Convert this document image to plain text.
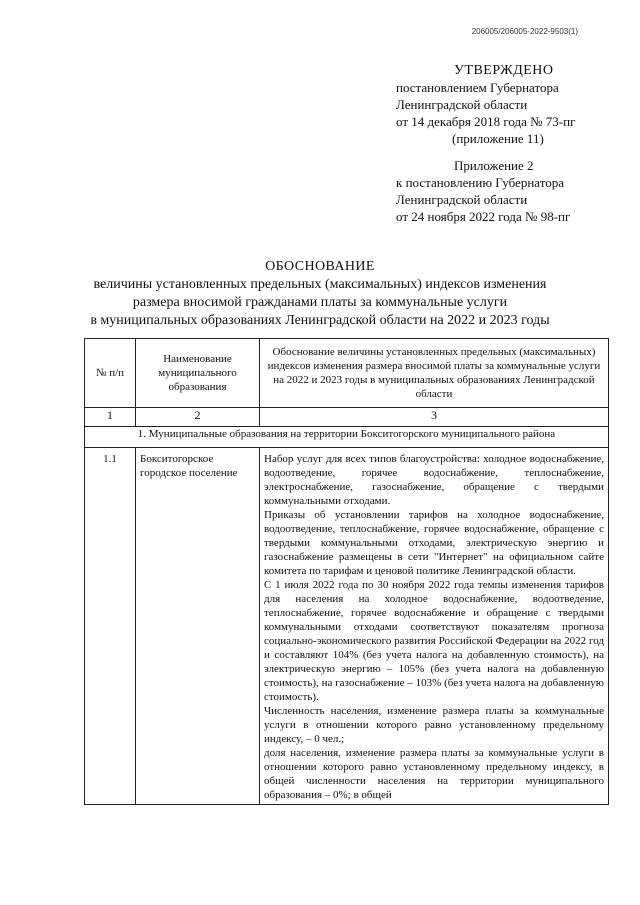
206005/206005-2022-9503(1)
УТВЕРЖДЕНО
постановлением Губернатора
Ленинградской области
от 14 декабря 2018 года № 73-пг
(приложение 11)
Приложение 2
к постановлению Губернатора
Ленинградской области
от 24 ноября 2022 года № 98-пг
ОБОСНОВАНИЕ
величины установленных предельных (максимальных) индексов изменения
размера вносимой гражданами платы за коммунальные услуги
в муниципальных образованиях Ленинградской области на 2022 и 2023 годы
№ п/п	Наименование муниципального образования	Обоснование величины установленных предельных (максимальных) индексов изменения размера вносимой платы за коммунальные услуги на 2022 и 2023 годы в муниципальных образованиях Ленинградской области
1	2	3
1. Муниципальные образования на территории Бокситогорского муниципального района		
1.1	Бокситогорское городское поселение	Набор услуг для всех типов благоустройства: холодное водоснабжение, водоотведение, горячее водоснабжение, теплоснабжение, электроснабжение, газоснабжение, обращение с твердыми коммунальными отходами.

Приказы об установлении тарифов на холодное водоснабжение, водоотведение, теплоснабжение, горячее водоснабжение, обращение с твердыми коммунальными отходами, электрическую энергию и газоснабжение размещены в сети "Интернет" на официальном сайте комитета по тарифам и ценовой политике Ленинградской области.

С 1 июля 2022 года по 30 ноября 2022 года темпы изменения тарифов для населения на холодное водоснабжение, водоотведение, теплоснабжение, горячее водоснабжение и обращение с твердыми коммунальными отходами соответствуют показателям прогноза социально-экономического развития Российской Федерации на 2022 год и составляют 104% (без учета налога на добавленную стоимость), на электрическую энергию – 105% (без учета налога на добавленную стоимость), на газоснабжение – 103% (без учета налога на добавленную стоимость).

Численность населения, изменение размера платы за коммунальные услуги в отношении которого равно установленному предельному индексу, – 0 чел.;

доля населения, изменение размера платы за коммунальные услуги в отношении которого равно установленному предельному индексу, в общей численности населения на территории муниципального образования – 0%; в общей
